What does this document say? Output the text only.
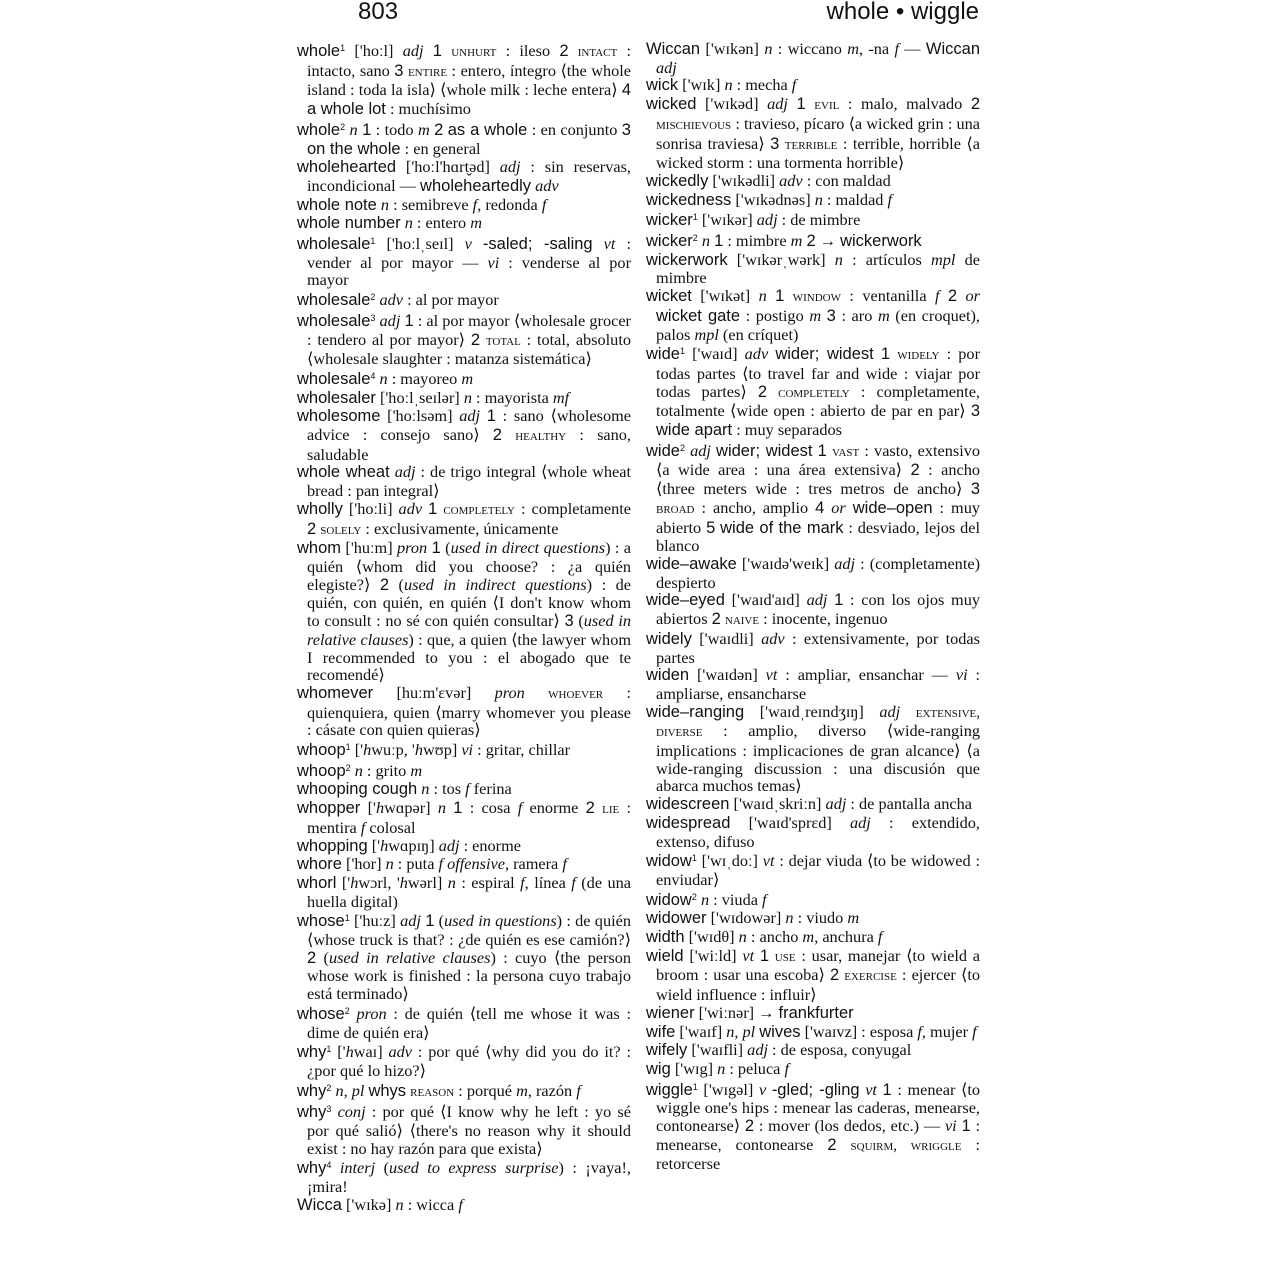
803	whole • wiggle

whole$^1$ ['hoːl] adj 1 unhurt : ileso 2 intact : intacto, sano 3 entire : entero, íntegro ⟨the whole island : toda la isla⟩ ⟨whole milk : leche entera⟩ 4 a whole lot : muchísimo

whole$^2$ n 1 : todo m 2 as a whole : en conjunto 3 on the whole : en general

wholehearted ['hoːl'hɑrt̬əd] adj : sin reservas, incondicional — wholeheartedly adv

whole note n : semibreve f, redonda f

whole number n : entero m

wholesale$^1$ ['hoːlˌseɪl] v -saled; -saling vt : vender al por mayor — vi : venderse al por mayor

wholesale$^2$ adv : al por mayor

wholesale$^3$ adj 1 : al por mayor ⟨wholesale grocer : tendero al por mayor⟩ 2 total : total, absoluto ⟨wholesale slaughter : matanza sistemática⟩

wholesale$^4$ n : mayoreo m

wholesaler ['hoːlˌseɪlər] n : mayorista mf

wholesome ['hoːlsəm] adj 1 : sano ⟨wholesome advice : consejo sano⟩ 2 healthy : sano, saludable

whole wheat adj : de trigo integral ⟨whole wheat bread : pan integral⟩

wholly ['hoːli] adv 1 completely : completamente 2 solely : exclusivamente, únicamente

whom ['huːm] pron 1 (used in direct questions) : a quién ⟨whom did you choose? : ¿a quién elegiste?⟩ 2 (used in indirect questions) : de quién, con quién, en quién ⟨I don't know whom to consult : no sé con quién consultar⟩ 3 (used in relative clauses) : que, a quien ⟨the lawyer whom I recommended to you : el abogado que te recomendé⟩

whomever [huːm'ɛvər] pron whoever : quienquiera, quien ⟨marry whomever you please : cásate con quien quieras⟩

whoop$^1$ ['hwuːp, 'hwʊp] vi : gritar, chillar

whoop$^2$ n : grito m

whooping cough n : tos f ferina

whopper ['hwɑpər] n 1 : cosa f enorme 2 lie : mentira f colosal

whopping ['hwɑpɪŋ] adj : enorme

whore ['hor] n : puta f offensive, ramera f

whorl ['hwɔrl, 'hwərl] n : espiral f, línea f (de una huella digital)

whose$^1$ ['huːz] adj 1 (used in questions) : de quién ⟨whose truck is that? : ¿de quién es ese camión?⟩ 2 (used in relative clauses) : cuyo ⟨the person whose work is finished : la persona cuyo trabajo está terminado⟩

whose$^2$ pron : de quién ⟨tell me whose it was : dime de quién era⟩

why$^1$ ['hwaɪ] adv : por qué ⟨why did you do it? : ¿por qué lo hizo?⟩

why$^2$ n, pl whys reason : porqué m, razón f

why$^3$ conj : por qué ⟨I know why he left : yo sé por qué salió⟩ ⟨there's no reason why it should exist : no hay razón para que exista⟩

why$^4$ interj (used to express surprise) : ¡vaya!, ¡mira!

Wicca ['wɪkə] n : wicca f

Wiccan ['wɪkən] n : wiccano m, -na f — Wiccan adj

wick ['wɪk] n : mecha f

wicked ['wɪkəd] adj 1 evil : malo, malvado 2 mischievous : travieso, pícaro ⟨a wicked grin : una sonrisa traviesa⟩ 3 terrible : terrible, horrible ⟨a wicked storm : una tormenta horrible⟩

wickedly ['wɪkədli] adv : con maldad

wickedness ['wɪkədnəs] n : maldad f

wicker$^1$ ['wɪkər] adj : de mimbre

wicker$^2$ n 1 : mimbre m 2 → wickerwork

wickerwork ['wɪkərˌwərk] n : artículos mpl de mimbre

wicket ['wɪkət] n 1 window : ventanilla f 2 or wicket gate : postigo m 3 : aro m (en croquet), palos mpl (en críquet)

wide$^1$ ['waɪd] adv wider; widest 1 widely : por todas partes ⟨to travel far and wide : viajar por todas partes⟩ 2 completely : completamente, totalmente ⟨wide open : abierto de par en par⟩ 3 wide apart : muy separados

wide$^2$ adj wider; widest 1 vast : vasto, extensivo ⟨a wide area : una área extensiva⟩ 2 : ancho ⟨three meters wide : tres metros de ancho⟩ 3 broad : ancho, amplio 4 or wide–open : muy abierto 5 wide of the mark : desviado, lejos del blanco

wide–awake ['waɪdə'weɪk] adj : (completamente) despierto

wide–eyed ['waɪd'aɪd] adj 1 : con los ojos muy abiertos 2 naive : inocente, ingenuo

widely ['waɪdli] adv : extensivamente, por todas partes

widen ['waɪdən] vt : ampliar, ensanchar — vi : ampliarse, ensancharse

wide–ranging ['waɪdˌreɪndʒɪŋ] adj extensive, diverse : amplio, diverso ⟨wide-ranging implications : implicaciones de gran alcance⟩ ⟨a wide-ranging discussion : una discusión que abarca muchos temas⟩

widescreen ['waɪdˌskriːn] adj : de pantalla ancha

widespread ['waɪd'sprɛd] adj : extendido, extenso, difuso

widow$^1$ ['wɪˌdoː] vt : dejar viuda ⟨to be widowed : enviudar⟩

widow$^2$ n : viuda f

widower ['wɪdowər] n : viudo m

width ['wɪdθ] n : ancho m, anchura f

wield ['wiːld] vt 1 use : usar, manejar ⟨to wield a broom : usar una escoba⟩ 2 exercise : ejercer ⟨to wield influence : influir⟩

wiener ['wiːnər] → frankfurter

wife ['waɪf] n, pl wives ['waɪvz] : esposa f, mujer f

wifely ['waɪfli] adj : de esposa, conyugal

wig ['wɪg] n : peluca f

wiggle$^1$ ['wɪgəl] v -gled; -gling vt 1 : menear ⟨to wiggle one's hips : menear las caderas, menearse, contonearse⟩ 2 : mover (los dedos, etc.) — vi 1 : menearse, contonearse 2 squirm, wriggle : retorcerse
